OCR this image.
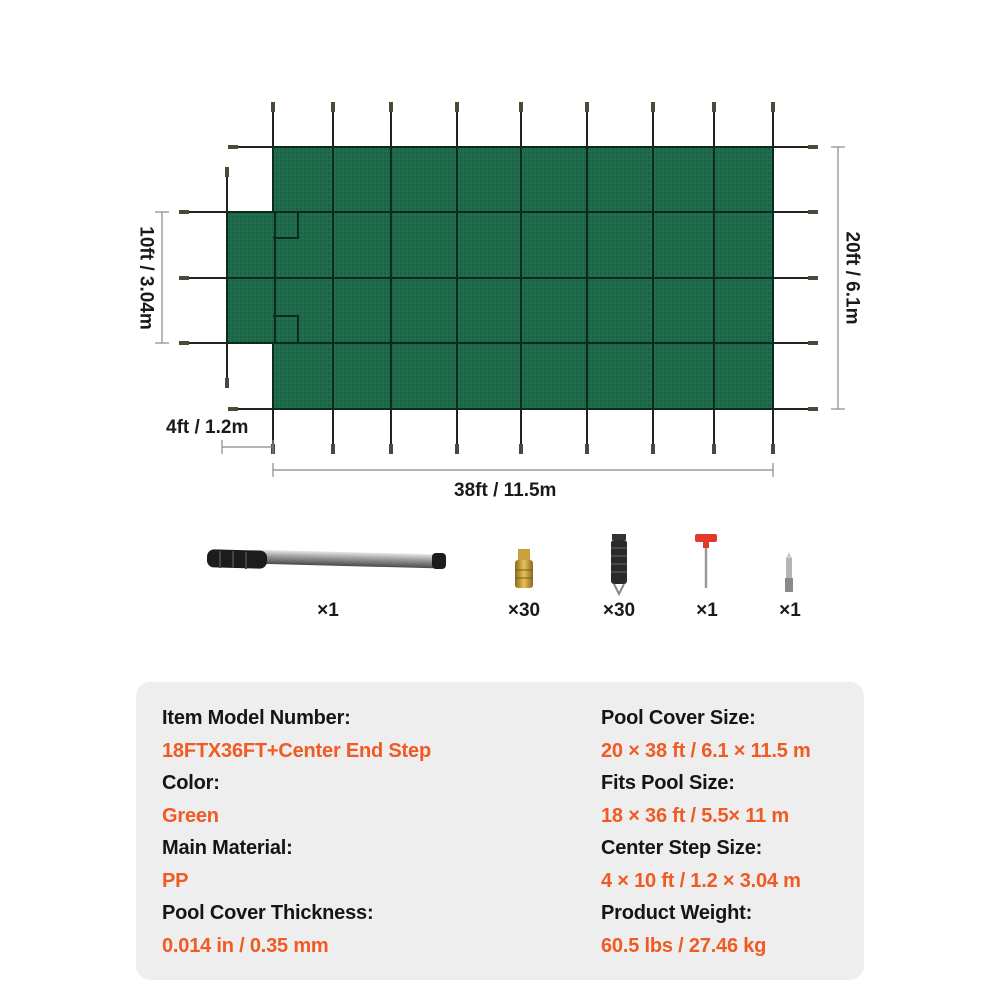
38ft / 11.5m
20ft / 6.1m
10ft / 3.04m
4ft / 1.2m
×1	×30	×30	×1	×1
Item Model Number:
18FTX36FT+Center End Step
Color:
Green
Main Material:
PP
Pool Cover Thickness:
0.014 in / 0.35 mm
Pool Cover Size:
20 × 38 ft / 6.1 × 11.5 m
Fits Pool Size:
18 × 36 ft / 5.5× 11 m
Center Step Size:
4 × 10 ft / 1.2 × 3.04 m
Product Weight:
60.5 lbs / 27.46 kg
